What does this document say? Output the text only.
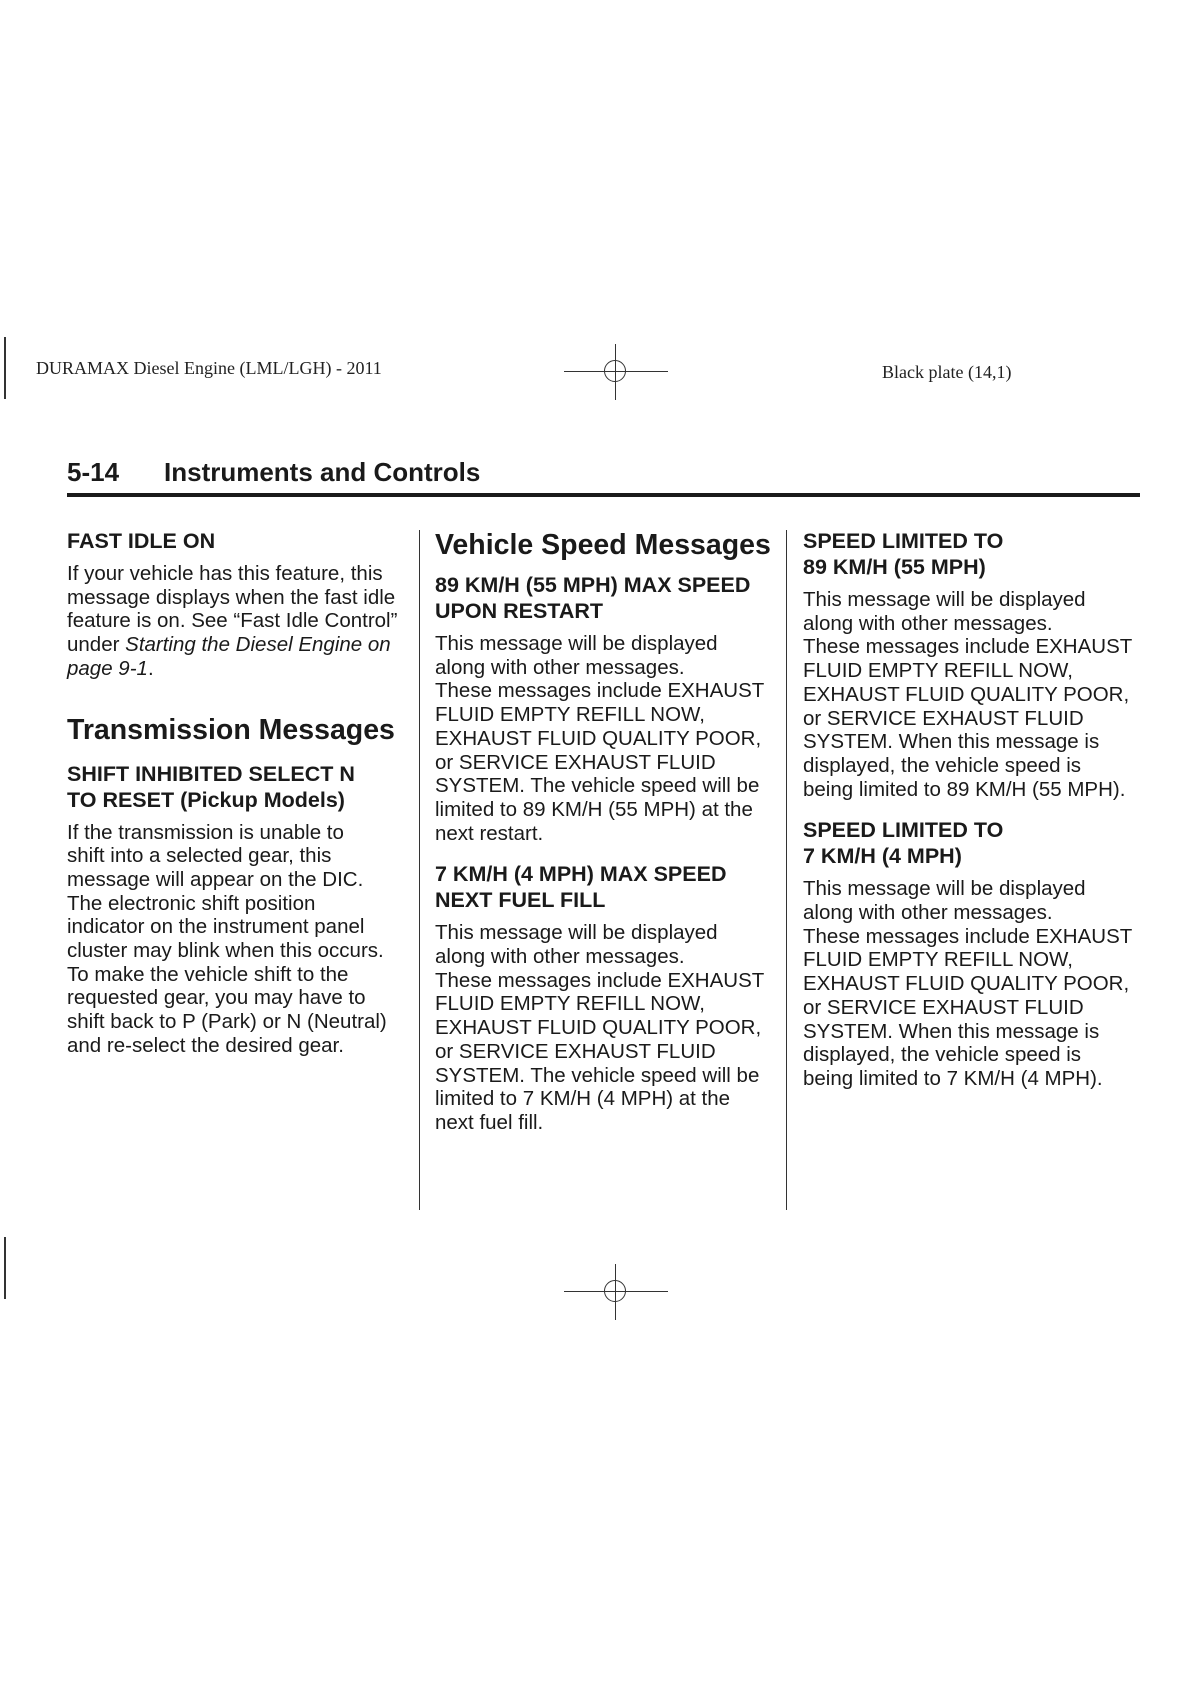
DURAMAX Diesel Engine (LML/LGH) - 2011	Black plate (14,1)
5-14 Instruments and Controls
FAST IDLE ON

If your vehicle has this feature, this
message displays when the fast idle
feature is on. See “Fast Idle Control”
under Starting the Diesel Engine on
page 9-1.

Transmission Messages
SHIFT INHIBITED SELECT N
TO RESET (Pickup Models)

If the transmission is unable to
shift into a selected gear, this
message will appear on the DIC.
The electronic shift position
indicator on the instrument panel
cluster may blink when this occurs.
To make the vehicle shift to the
requested gear, you may have to
shift back to P (Park) or N (Neutral)
and re-select the desired gear.

Vehicle Speed Messages
89 KM/H (55 MPH) MAX SPEED
UPON RESTART

This message will be displayed
along with other messages.
These messages include EXHAUST
FLUID EMPTY REFILL NOW,
EXHAUST FLUID QUALITY POOR,
or SERVICE EXHAUST FLUID
SYSTEM. The vehicle speed will be
limited to 89 KM/H (55 MPH) at the
next restart.

7 KM/H (4 MPH) MAX SPEED
NEXT FUEL FILL

This message will be displayed
along with other messages.
These messages include EXHAUST
FLUID EMPTY REFILL NOW,
EXHAUST FLUID QUALITY POOR,
or SERVICE EXHAUST FLUID
SYSTEM. The vehicle speed will be
limited to 7 KM/H (4 MPH) at the
next fuel fill.

SPEED LIMITED TO
89 KM/H (55 MPH)

This message will be displayed
along with other messages.
These messages include EXHAUST
FLUID EMPTY REFILL NOW,
EXHAUST FLUID QUALITY POOR,
or SERVICE EXHAUST FLUID
SYSTEM. When this message is
displayed, the vehicle speed is
being limited to 89 KM/H (55 MPH).

SPEED LIMITED TO
7 KM/H (4 MPH)

This message will be displayed
along with other messages.
These messages include EXHAUST
FLUID EMPTY REFILL NOW,
EXHAUST FLUID QUALITY POOR,
or SERVICE EXHAUST FLUID
SYSTEM. When this message is
displayed, the vehicle speed is
being limited to 7 KM/H (4 MPH).
